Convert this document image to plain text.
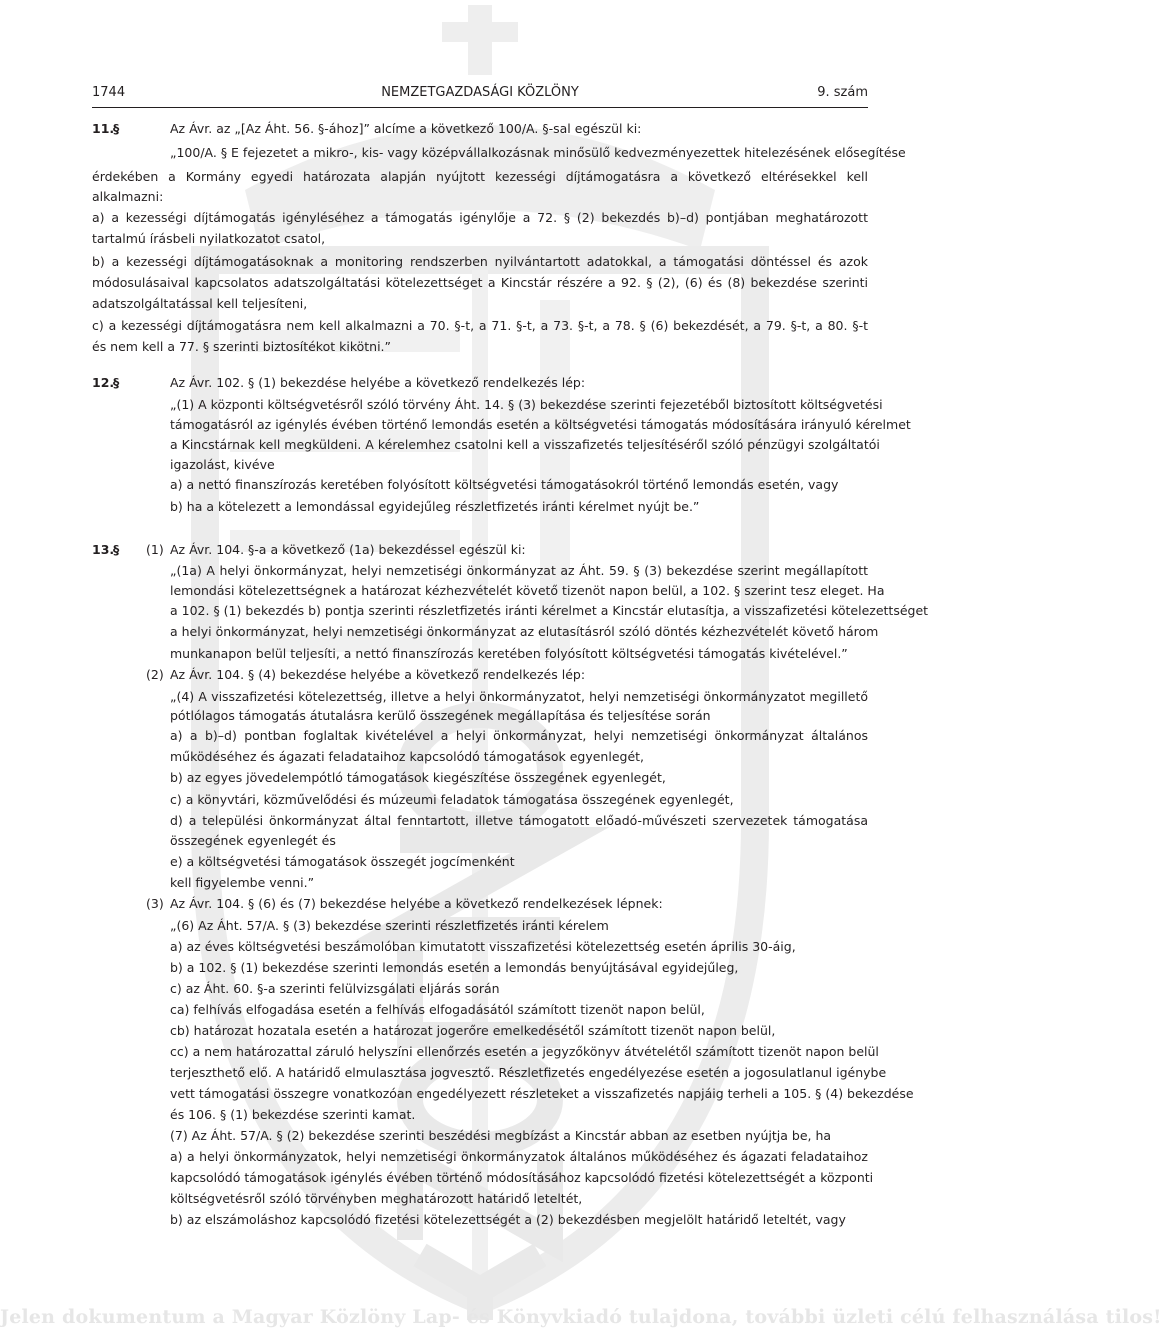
1744	NEMZETGAZDASÁGI KÖZLÖNY	9. szám
11.
§	Az Ávr. az „[Az Áht. 56. §-ához]” alcíme a következő 100/A. §-sal egészül ki:
„100/A. § E fejezetet a mikro-, kis- vagy középvállalkozásnak minősülő kedvezményezettek hitelezésének elősegítése
érdekében a Kormány egyedi határozata alapján nyújtott kezességi díjtámogatásra a következő eltérésekkel kell
alkalmazni:
a) a kezességi díjtámogatás igényléséhez a támogatás igénylője a 72. § (2) bekezdés b)–d) pontjában meghatározott
tartalmú írásbeli nyilatkozatot csatol,
b) a kezességi díjtámogatásoknak a monitoring rendszerben nyilvántartott adatokkal, a támogatási döntéssel és azok
módosulásaival kapcsolatos adatszolgáltatási kötelezettséget a Kincstár részére a 92. § (2), (6) és (8) bekezdése szerinti
adatszolgáltatással kell teljesíteni,
c) a kezességi díjtámogatásra nem kell alkalmazni a 70. §-t, a 71. §-t, a 73. §-t, a 78. § (6) bekezdését, a 79. §-t, a 80. §-t
és nem kell a 77. § szerinti biztosítékot kikötni.”
12.
§	Az Ávr. 102. § (1) bekezdése helyébe a következő rendelkezés lép:
„(1) A központi költségvetésről szóló törvény Áht. 14. § (3) bekezdése szerinti fejezetéből biztosított költségvetési
támogatásról az igénylés évében történő lemondás esetén a költségvetési támogatás módosítására irányuló kérelmet
a Kincstárnak kell megküldeni. A kérelemhez csatolni kell a visszafizetés teljesítéséről szóló pénzügyi szolgáltatói
igazolást, kivéve
a) a nettó finanszírozás keretében folyósított költségvetési támogatásokról történő lemondás esetén, vagy
b) ha a kötelezett a lemondással egyidejűleg részletfizetés iránti kérelmet nyújt be.”
13.
§ (1) Az Ávr. 104. §-a a következő (1a) bekezdéssel egészül ki:
„(1a) A helyi önkormányzat, helyi nemzetiségi önkormányzat az Áht. 59. § (3) bekezdése szerint megállapított
lemondási kötelezettségnek a határozat kézhezvételét követő tizenöt napon belül, a 102. § szerint tesz eleget. Ha
a 102. § (1) bekezdés b) pontja szerinti részletfizetés iránti kérelmet a Kincstár elutasítja, a visszafizetési kötelezettséget
a helyi önkormányzat, helyi nemzetiségi önkormányzat az elutasításról szóló döntés kézhezvételét követő három
munkanapon belül teljesíti, a nettó finanszírozás keretében folyósított költségvetési támogatás kivételével.”
(2) Az Ávr. 104. § (4) bekezdése helyébe a következő rendelkezés lép:
„(4) A visszafizetési kötelezettség, illetve a helyi önkormányzatot, helyi nemzetiségi önkormányzatot megillető
pótlólagos támogatás átutalásra kerülő összegének megállapítása és teljesítése során
a) a b)–d) pontban foglaltak kivételével a helyi önkormányzat, helyi nemzetiségi önkormányzat általános
működéséhez és ágazati feladataihoz kapcsolódó támogatások egyenlegét,
b) az egyes jövedelempótló támogatások kiegészítése összegének egyenlegét,
c) a könyvtári, közművelődési és múzeumi feladatok támogatása összegének egyenlegét,
d) a települési önkormányzat által fenntartott, illetve támogatott előadó-művészeti szervezetek támogatása
összegének egyenlegét és
e) a költségvetési támogatások összegét jogcímenként
kell figyelembe venni.”
(3) Az Ávr. 104. § (6) és (7) bekezdése helyébe a következő rendelkezések lépnek:
„(6) Az Áht. 57/A. § (3) bekezdése szerinti részletfizetés iránti kérelem
a) az éves költségvetési beszámolóban kimutatott visszafizetési kötelezettség esetén április 30-áig,
b) a 102. § (1) bekezdése szerinti lemondás esetén a lemondás benyújtásával egyidejűleg,
c) az Áht. 60. §-a szerinti felülvizsgálati eljárás során
ca) felhívás elfogadása esetén a felhívás elfogadásától számított tizenöt napon belül,
cb) határozat hozatala esetén a határozat jogerőre emelkedésétől számított tizenöt napon belül,
cc) a nem határozattal záruló helyszíni ellenőrzés esetén a jegyzőkönyv átvételétől számított tizenöt napon belül
terjeszthető elő. A határidő elmulasztása jogvesztő. Részletfizetés engedélyezése esetén a jogosulatlanul igénybe
vett támogatási összegre vonatkozóan engedélyezett részleteket a visszafizetés napjáig terheli a 105. § (4) bekezdése
és 106. § (1) bekezdése szerinti kamat.
(7) Az Áht. 57/A. § (2) bekezdése szerinti beszédési megbízást a Kincstár abban az esetben nyújtja be, ha
a) a helyi önkormányzatok, helyi nemzetiségi önkormányzatok általános működéséhez és ágazati feladataihoz
kapcsolódó támogatások igénylés évében történő módosításához kapcsolódó fizetési kötelezettségét a központi
költségvetésről szóló törvényben meghatározott határidő leteltét,
b) az elszámoláshoz kapcsolódó fizetési kötelezettségét a (2) bekezdésben megjelölt határidő leteltét, vagy
Jelen dokumentum a Magyar Közlöny Lap- és Könyvkiadó tulajdona, további üzleti célú felhasználása tilos!
